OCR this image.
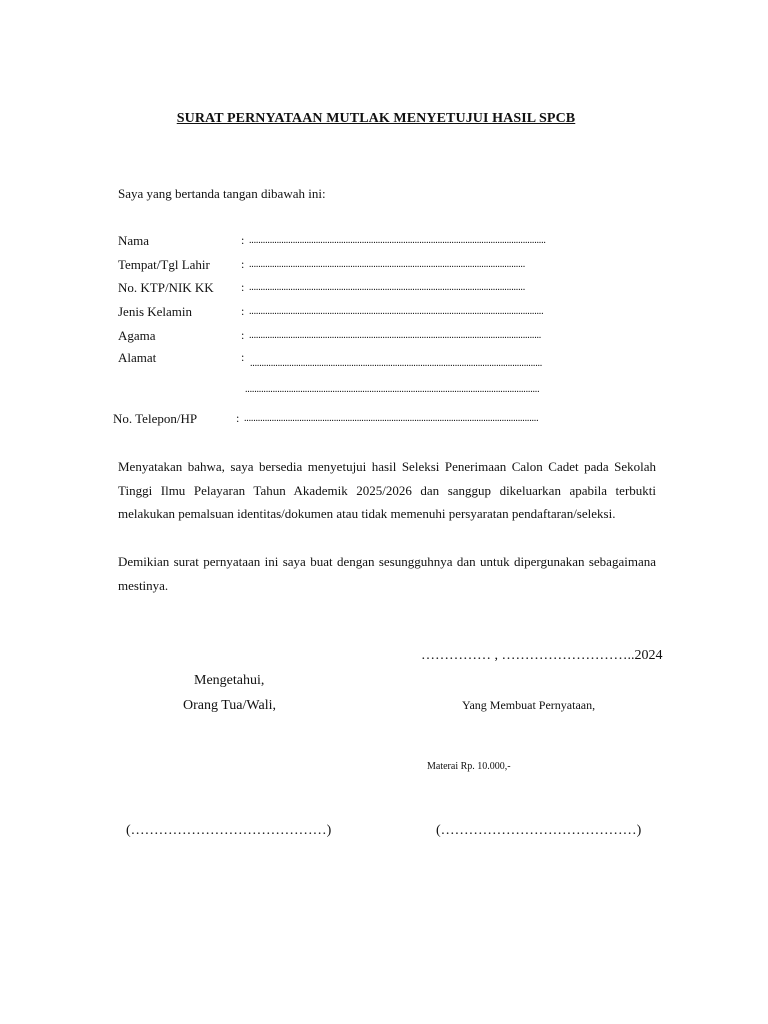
SURAT PERNYATAAN MUTLAK MENYETUJUI HASIL SPCB
Saya yang bertanda tangan dibawah ini:
Nama	: .................................................................................................................................
Tempat/Tgl Lahir	: ........................................................................................................................
No. KTP/NIK KK : ........................................................................................................................
Jenis Kelamin	: ................................................................................................................................
Agama	: ...............................................................................................................................
Alamat	: ...............................................................................................................................
................................................................................................................................
No. Telepon/HP	: ................................................................................................................................
Menyatakan bahwa, saya bersedia menyetujui hasil Seleksi Penerimaan Calon Cadet pada Sekolah Tinggi Ilmu Pelayaran Tahun Akademik 2025/2026 dan sanggup dikeluarkan apabila terbukti melakukan pemalsuan identitas/dokumen atau tidak memenuhi persyaratan pendaftaran/seleksi.
Demikian surat pernyataan ini saya buat dengan sesungguhnya dan untuk dipergunakan sebagaimana mestinya.
…………… , ………………………..2024
Mengetahui,
Orang Tua/Wali,	Yang Membuat Pernyataan,
Materai Rp. 10.000,-
(……………………………………)	(……………………………………)
